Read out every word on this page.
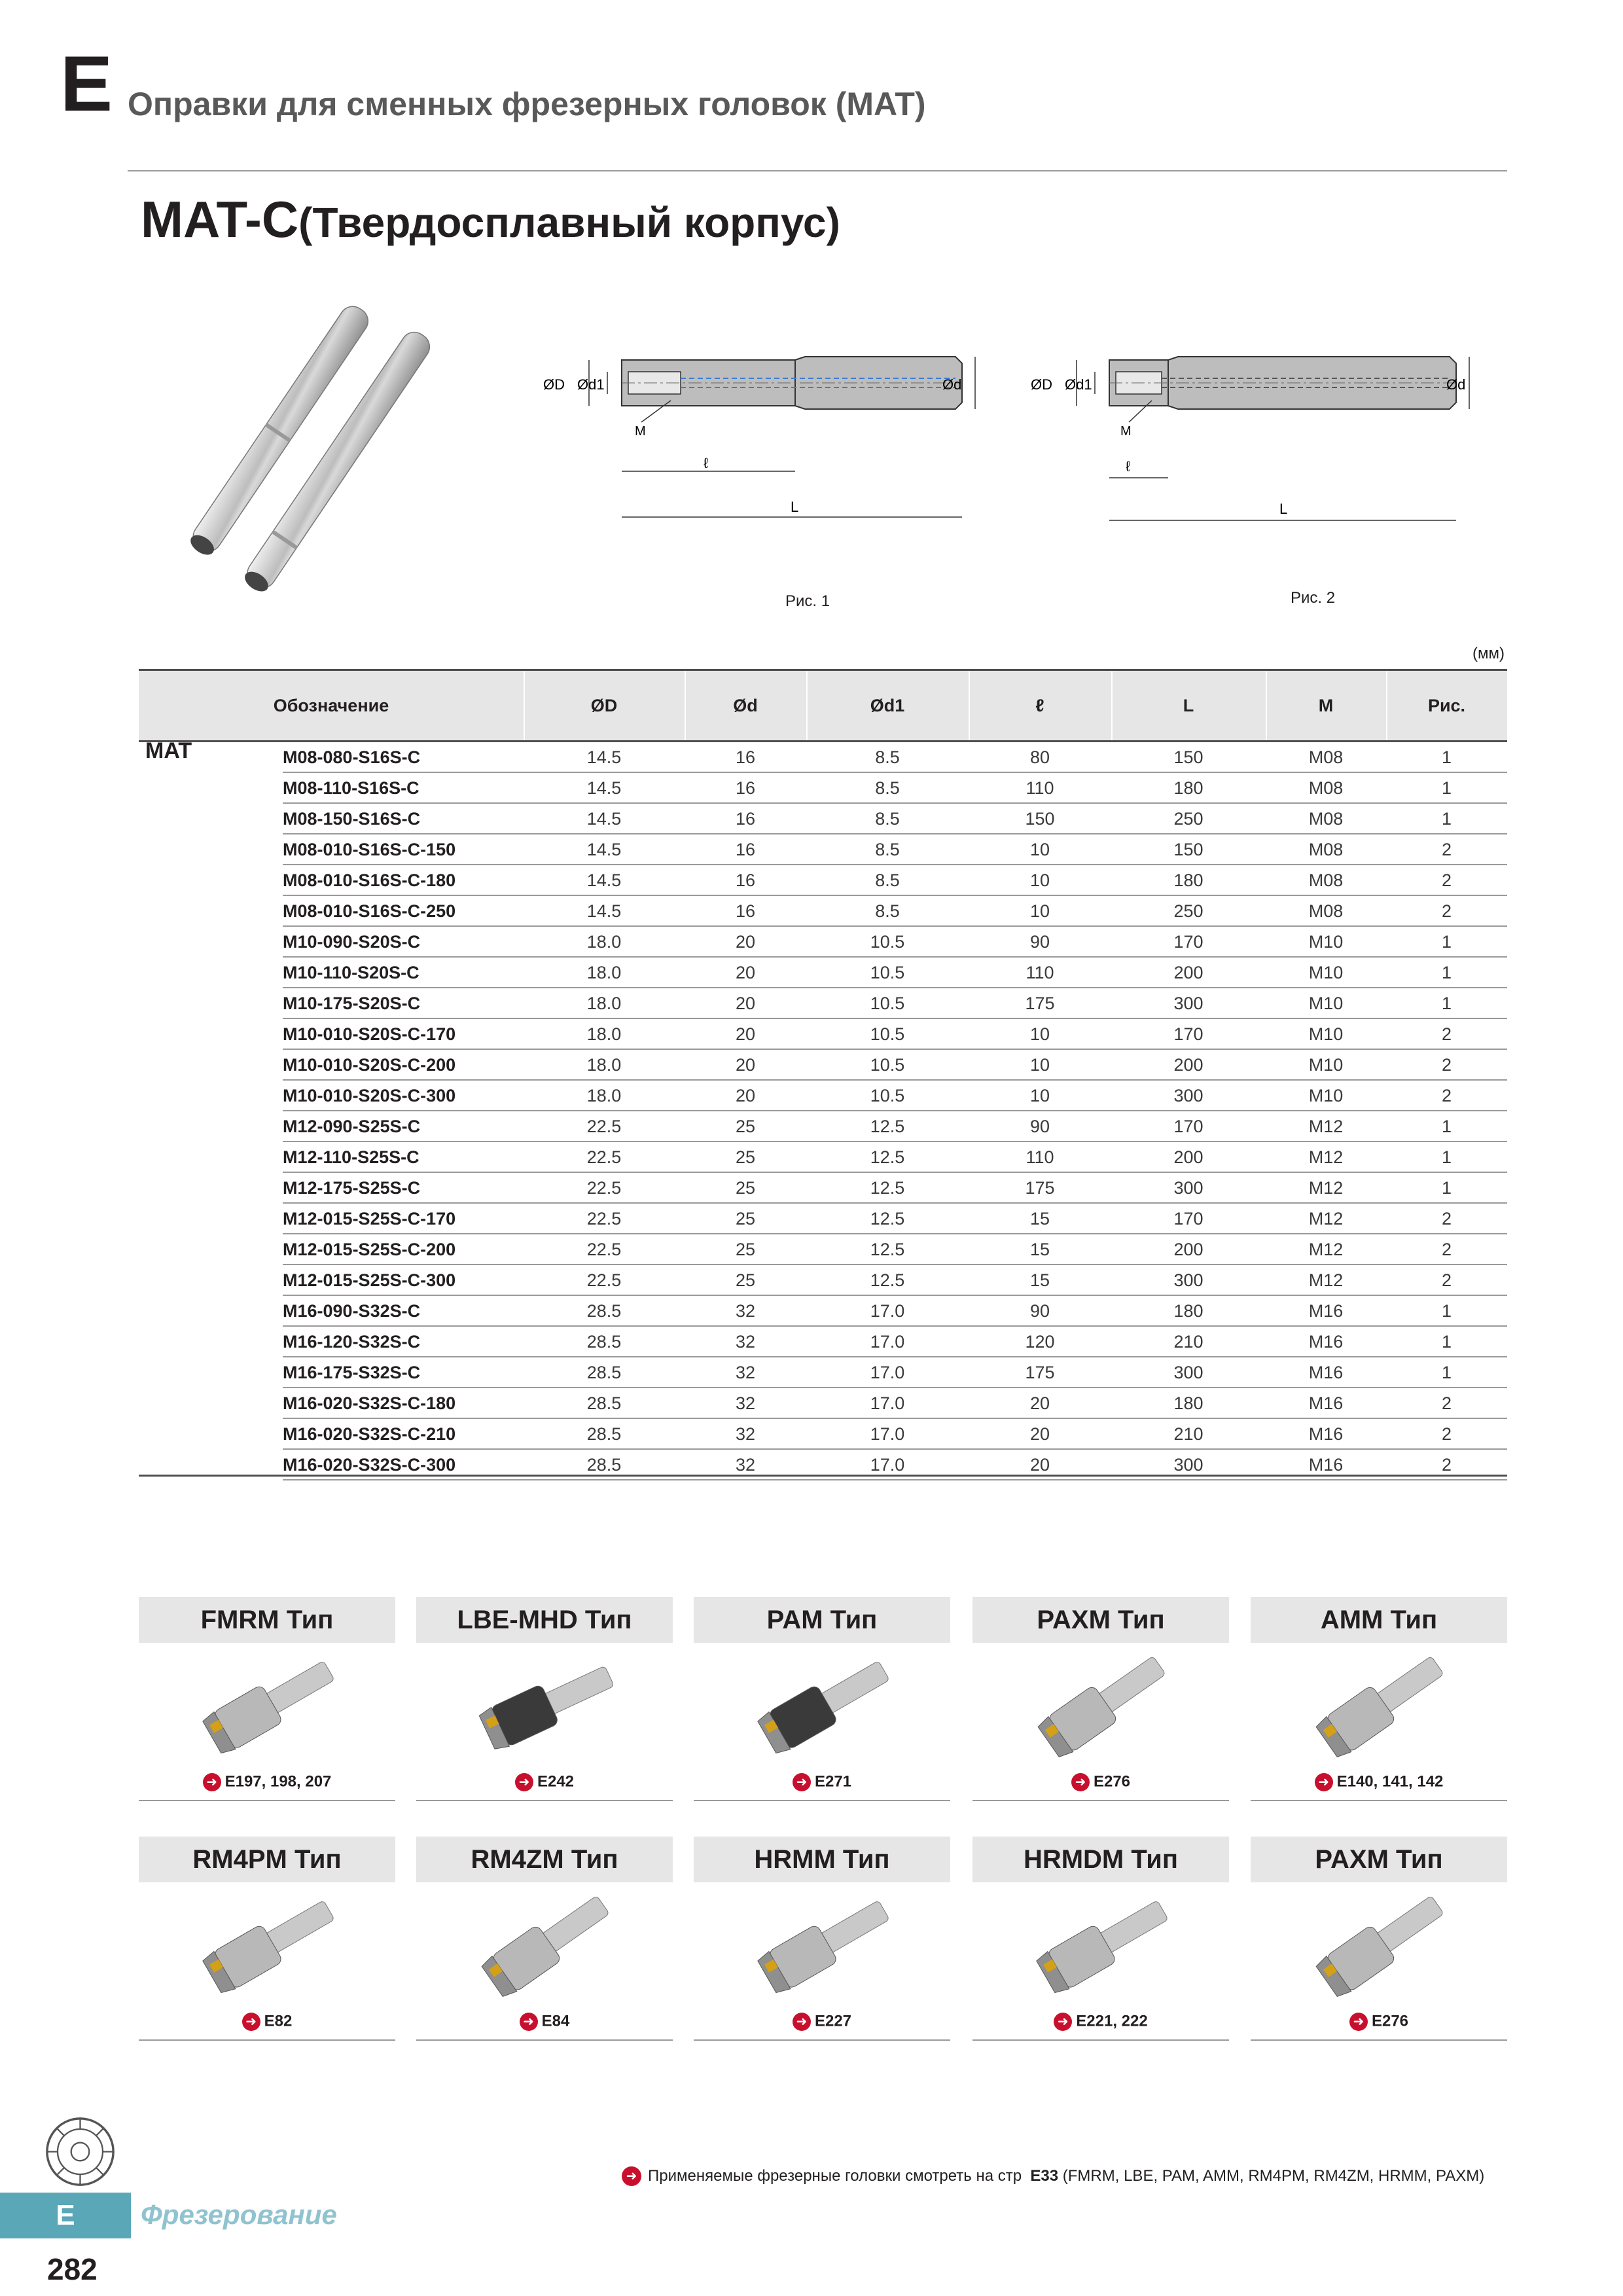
E Оправки для сменных фрезерных головок (MAT)
MAT-C(Твердосплавный корпус)
ØD Ød1	Ød
M
ℓ
L
ØD Ød1	Ød
M
ℓ
L
Рис. 1	Рис. 2
(мм)
Обозначение	ØD	Ød	Ød1	ℓ	L	M	Рис.
M08-080-S16S-C	14.5	16	8.5	80	150	M08	1
M08-110-S16S-C	14.5	16	8.5	110	180	M08	1
M08-150-S16S-C	14.5	16	8.5	150	250	M08	1
M08-010-S16S-C-150	14.5	16	8.5	10	150	M08	2
M08-010-S16S-C-180	14.5	16	8.5	10	180	M08	2
M08-010-S16S-C-250	14.5	16	8.5	10	250	M08	2
M10-090-S20S-C	18.0	20	10.5	90	170	M10	1
M10-110-S20S-C	18.0	20	10.5	110	200	M10	1
M10-175-S20S-C	18.0	20	10.5	175	300	M10	1
M10-010-S20S-C-170	18.0	20	10.5	10	170	M10	2
M10-010-S20S-C-200	18.0	20	10.5	10	200	M10	2
M10-010-S20S-C-300	18.0	20	10.5	10	300	M10	2
M12-090-S25S-C	22.5	25	12.5	90	170	M12	1
M12-110-S25S-C	22.5	25	12.5	110	200	M12	1
M12-175-S25S-C	22.5	25	12.5	175	300	M12	1
M12-015-S25S-C-170	22.5	25	12.5	15	170	M12	2
M12-015-S25S-C-200	22.5	25	12.5	15	200	M12	2
M12-015-S25S-C-300	22.5	25	12.5	15	300	M12	2
M16-090-S32S-C	28.5	32	17.0	90	180	M16	1
M16-120-S32S-C	28.5	32	17.0	120	210	M16	1
M16-175-S32S-C	28.5	32	17.0	175	300	M16	1
M16-020-S32S-C-180	28.5	32	17.0	20	180	M16	2
M16-020-S32S-C-210	28.5	32	17.0	20	210	M16	2
M16-020-S32S-C-300	28.5	32	17.0	20	300	M16	2
MAT
FMRM Тип
➜ E197, 198, 207
LBE-MHD Тип
➜ E242
PAM Тип
➜ E271
PAXM Тип
➜ E276
AMM Тип
➜ E140, 141, 142
RM4PM Тип
➜ E82
RM4ZM Тип
➜ E84
HRMM Тип
➜ E227
HRMDM Тип
➜ E221, 222
PAXM Тип
➜ E276
➜ Применяемые фрезерные головки смотреть на стр E33 (FMRM, LBE, PAM, AMM, RM4PM, RM4ZM, HRMM, PAXM)
E	Фрезерование
282
